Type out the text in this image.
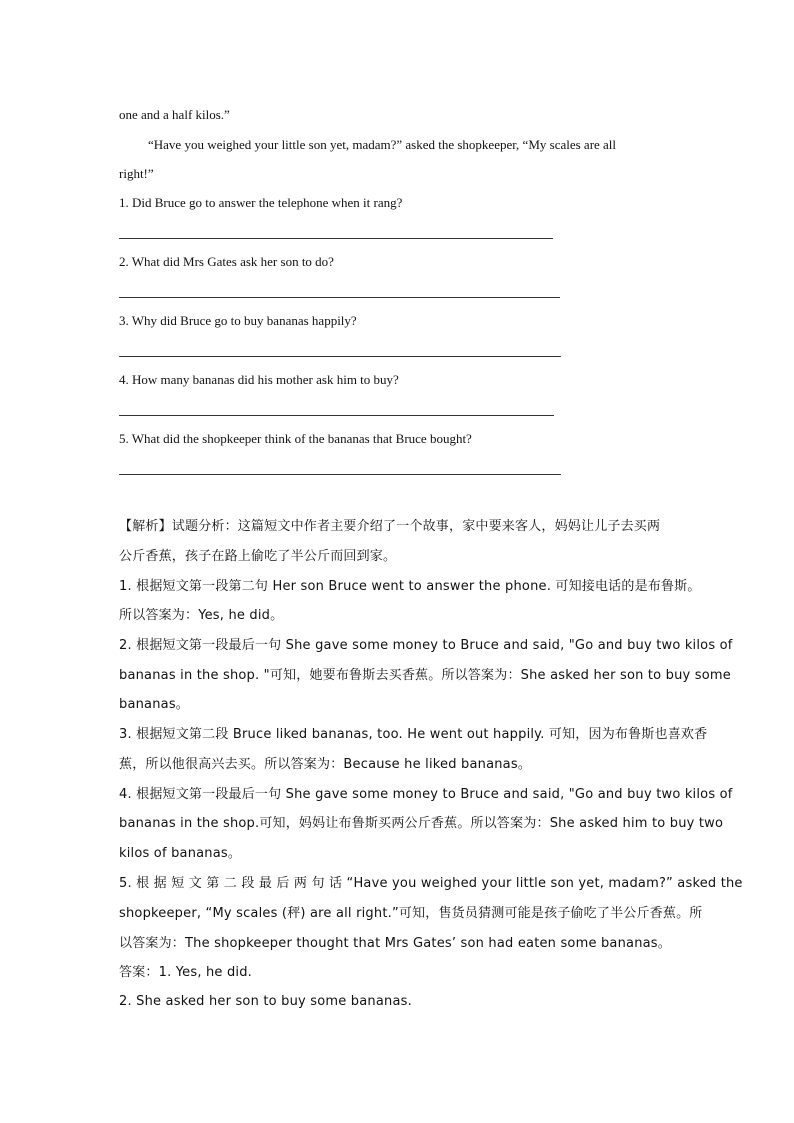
one and a half kilos.”
“Have you weighed your little son yet, madam?” asked the shopkeeper, “My scales are all
right!”
1. Did Bruce go to answer the telephone when it rang?
2. What did Mrs Gates ask her son to do?
3. Why did Bruce go to buy bananas happily?
4. How many bananas did his mother ask him to buy?
5. What did the shopkeeper think of the bananas that Bruce bought?
【解析】试题分析：这篇短文中作者主要介绍了一个故事，家中要来客人，妈妈让儿子去买两
公斤香蕉，孩子在路上偷吃了半公斤而回到家。
1. 根据短文第一段第二句 Her son Bruce went to answer the phone. 可知接电话的是布鲁斯。
所以答案为：Yes, he did。
2. 根据短文第一段最后一句 She gave some money to Bruce and said, "Go and buy two kilos of
bananas in the shop. "可知，她要布鲁斯去买香蕉。所以答案为：She asked her son to buy some
bananas。
3. 根据短文第二段 Bruce liked bananas, too. He went out happily. 可知，因为布鲁斯也喜欢香
蕉，所以他很高兴去买。所以答案为：Because he liked bananas。
4. 根据短文第一段最后一句 She gave some money to Bruce and said, "Go and buy two kilos of
bananas in the shop.可知，妈妈让布鲁斯买两公斤香蕉。所以答案为：She asked him to buy two
kilos of bananas。
5. 根 据 短 文 第 二 段 最 后 两 句 话 “Have you weighed your little son yet, madam?” asked the
shopkeeper, “My scales (秤) are all right.”可知，售货员猜测可能是孩子偷吃了半公斤香蕉。所
以答案为：The shopkeeper thought that Mrs Gates’ son had eaten some bananas。
答案：1. Yes, he did.
2. She asked her son to buy some bananas.
